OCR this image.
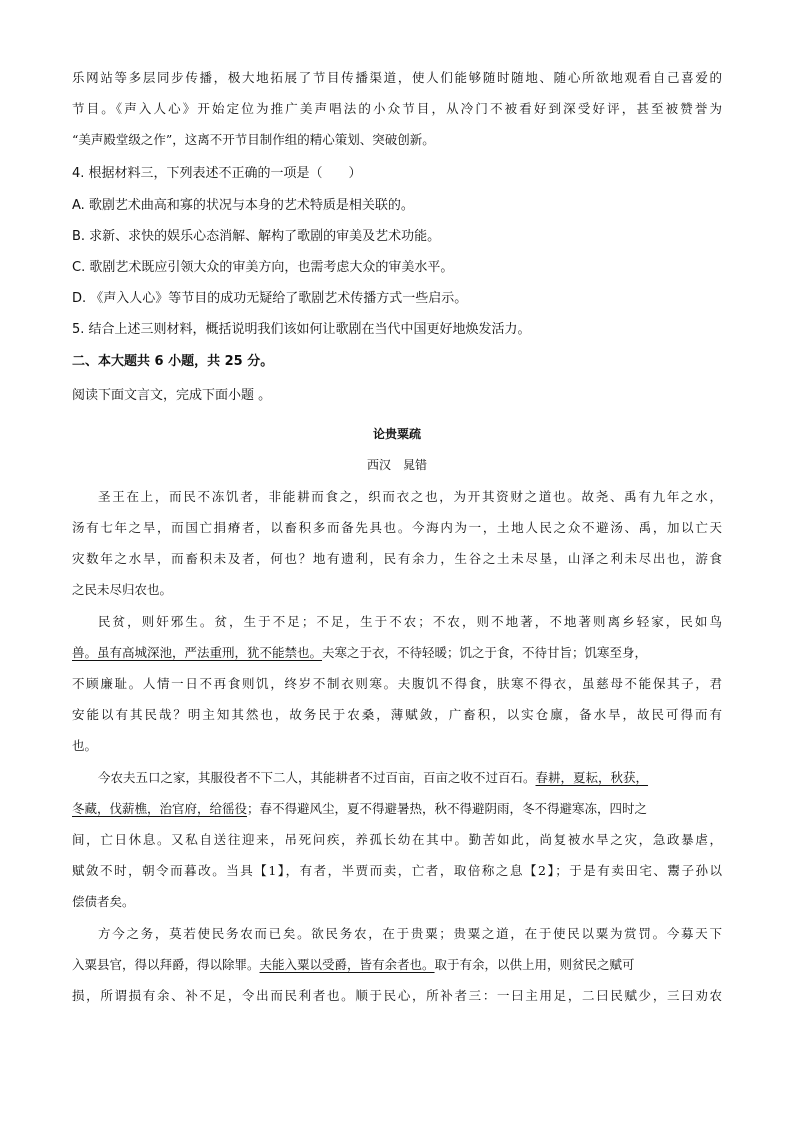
乐网站等多层同步传播，极大地拓展了节目传播渠道，使人们能够随时随地、随心所欲地观看自己喜爱的
节目。《声入人心》开始定位为推广美声唱法的小众节目，从冷门不被看好到深受好评，甚至被赞誉为
“美声殿堂级之作”，这离不开节目制作组的精心策划、突破创新。
4. 根据材料三，下列表述不正确的一项是（　　）
A. 歌剧艺术曲高和寡的状况与本身的艺术特质是相关联的。
B. 求新、求快的娱乐心态消解、解构了歌剧的审美及艺术功能。
C. 歌剧艺术既应引领大众的审美方向，也需考虑大众的审美水平。
D. 《声入人心》等节目的成功无疑给了歌剧艺术传播方式一些启示。
5. 结合上述三则材料，概括说明我们该如何让歌剧在当代中国更好地焕发活力。
二、本大题共 6 小题，共 25 分。
阅读下面文言文，完成下面小题 。
论贵粟疏
西汉　晁错
圣王在上，而民不冻饥者，非能耕而食之，织而衣之也，为开其资财之道也。故尧、禹有九年之水，
汤有七年之旱，而国亡捐瘠者，以畜积多而备先具也。今海内为一，土地人民之众不避汤、禹，加以亡天
灾数年之水旱，而畜积未及者，何也？地有遗利，民有余力，生谷之土未尽垦，山泽之利未尽出也，游食
之民未尽归农也。
民贫，则奸邪生。贫，生于不足；不足，生于不农；不农，则不地著，不地著则离乡轻家，民如鸟
兽。虽有高城深池，严法重刑，犹不能禁也。夫寒之于衣，不待轻暖；饥之于食，不待甘旨；饥寒至身，
不顾廉耻。人情一日不再食则饥，终岁不制衣则寒。夫腹饥不得食，肤寒不得衣，虽慈母不能保其子，君
安能以有其民哉？明主知其然也，故务民于农桑，薄赋敛，广畜积，以实仓廪，备水旱，故民可得而有
也。
今农夫五口之家，其服役者不下二人，其能耕者不过百亩，百亩之收不过百石。春耕，夏耘，秋获，
冬藏，伐薪樵，治官府，给徭役；春不得避风尘，夏不得避暑热，秋不得避阴雨，冬不得避寒冻，四时之
间，亡日休息。又私自送往迎来，吊死问疾，养孤长幼在其中。勤苦如此，尚复被水旱之灾，急政暴虐，
赋敛不时，朝令而暮改。当具【1】，有者，半贾而卖，亡者，取倍称之息【2】；于是有卖田宅、鬻子孙以
偿债者矣。
方今之务，莫若使民务农而已矣。欲民务农，在于贵粟；贵粟之道，在于使民以粟为赏罚。今募天下
入粟县官，得以拜爵，得以除罪。夫能入粟以受爵，皆有余者也。取于有余，以供上用，则贫民之赋可
损，所谓损有余、补不足，令出而民利者也。顺于民心，所补者三：一曰主用足，二曰民赋少，三曰劝农
